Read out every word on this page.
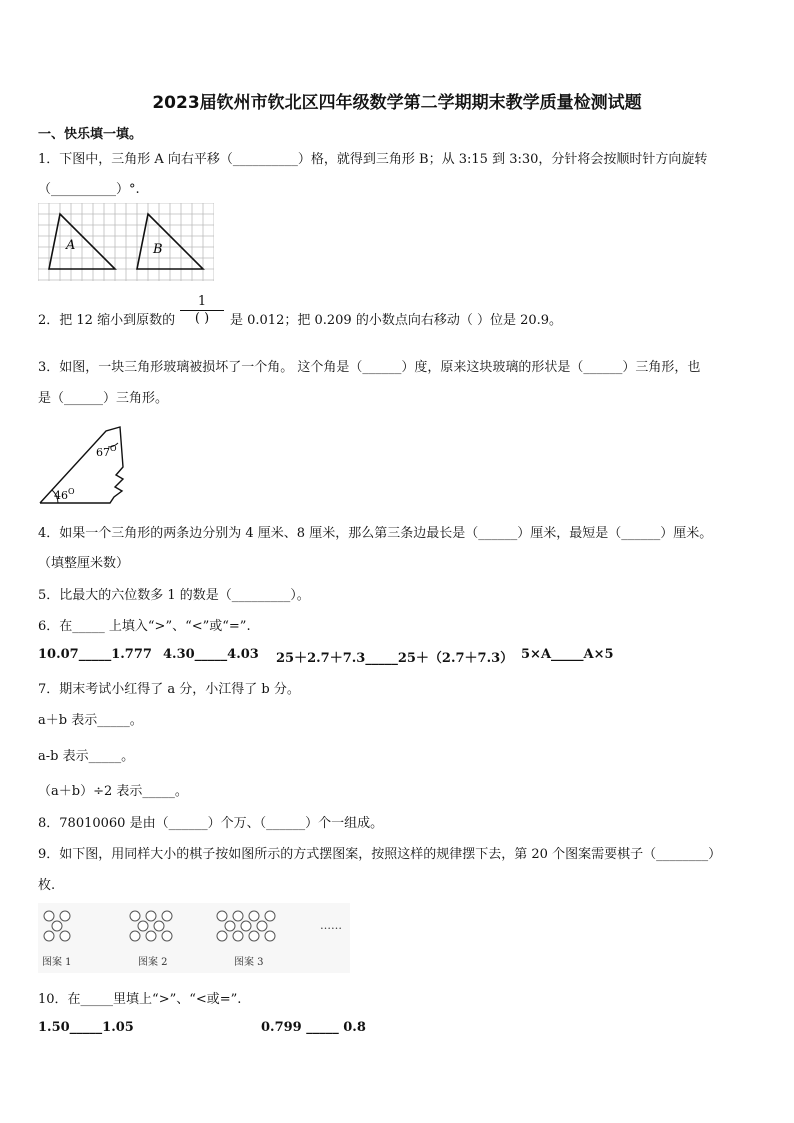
2023届钦州市钦北区四年级数学第二学期期末教学质量检测试题
一、快乐填一填。
1．下图中，三角形 A 向右平移（__________）格，就得到三角形 B；从 3:15 到 3:30，分针将会按顺时针方向旋转
（__________）°.
A	B
2．把 12 缩小到原数的
1
( )	是 0.012；把 0.209 的小数点向右移动（ ）位是 20.9。
3．如图，一块三角形玻璃被损坏了一个角。 这个角是（______）度，原来这块玻璃的形状是（______）三角形，也
是（______）三角形。
67 O
46 O
4．如果一个三角形的两条边分别为 4 厘米、8 厘米，那么第三条边最长是（______）厘米，最短是（______）厘米。
（填整厘米数）
5．比最大的六位数多 1 的数是（_________）。
6．在_____ 上填入“>”、“<”或“=”.
10.07_____1.777 4.30_____4.03 25＋2.7＋7.3_____25＋（2.7＋7.3） 5×A_____A×5
7．期末考试小红得了 a 分，小江得了 b 分。
a＋b 表示_____。
a-b 表示_____。
（a＋b）÷2 表示_____。
8．78010060 是由（______）个万、（______）个一组成。
9．如下图，用同样大小的棋子按如图所示的方式摆图案，按照这样的规律摆下去，第 20 个图案需要棋子（________）
枚.
……
图案 1	图案 2	图案 3
10．在_____里填上“>”、“<或=”.
1.50_____1.05	0.799 _____ 0.8
